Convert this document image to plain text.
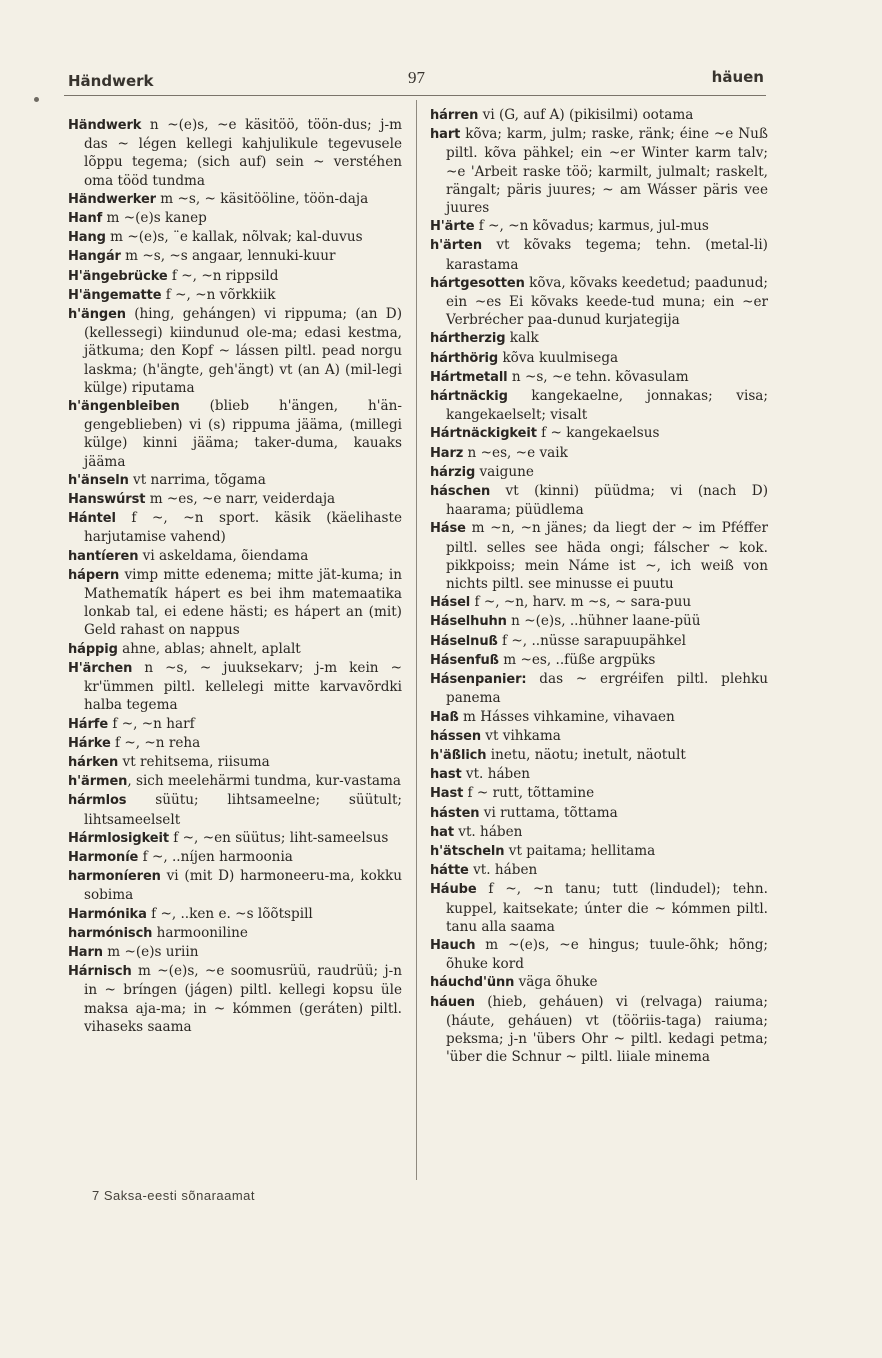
Händwerk	97	häuen

Händwerk n ~(e)s, ~e käsitöö, töön-dus; j-m das ~ légen kellegi kahjulikule tegevusele lõppu tegema; (sich auf) sein ~ verstéhen oma tööd tundma

Händwerker m ~s, ~ käsitööline, töön-daja

Hanf m ~(e)s kanep

Hang m ~(e)s, ¨e kallak, nõlvak; kal-duvus

Hangár m ~s, ~s angaar, lennuki-kuur

H'ängebrücke f ~, ~n rippsild

H'ängematte f ~, ~n võrkkiik

h'ängen (hing, gehángen) vi rippuma; (an D) (kellessegi) kiindunud ole-ma; edasi kestma, jätkuma; den Kopf ~ lássen piltl. pead norgu laskma; (h'ängte, geh'ängt) vt (an A) (mil-legi külge) riputama

h'ängenbleiben (blieb h'ängen, h'än-gengeblieben) vi (s) rippuma jääma, (millegi külge) kinni jääma; taker-duma, kauaks jääma

h'änseln vt narrima, tõgama

Hanswúrst m ~es, ~e narr, veiderdaja

Hántel f ~, ~n sport. käsik (käelihaste harjutamise vahend)

hantíeren vi askeldama, õiendama

hápern vimp mitte edenema; mitte jät-kuma; in Mathematík hápert es bei ihm matemaatika lonkab tal, ei edene hästi; es hápert an (mit) Geld rahast on nappus

háppig ahne, ablas; ahnelt, aplalt

H'ärchen n ~s, ~ juuksekarv; j-m kein ~ kr'ümmen piltl. kellelegi mitte karvavõrdki halba tegema

Hárfe f ~, ~n harf

Hárke f ~, ~n reha

hárken vt rehitsema, riisuma

h'ärmen, sich meelehärmi tundma, kur-vastama

hármlos süütu; lihtsameelne; süütult; lihtsameelselt

Hármlosigkeit f ~, ~en süütus; liht-sameelsus

Harmoníe f ~, ..níjen harmoonia

harmoníeren vi (mit D) harmoneeru-ma, kokku sobima

Harmónika f ~, ..ken e. ~s lõõtspill

harmónisch harmooniline

Harn m ~(e)s uriin

Hárnisch m ~(e)s, ~e soomusrüü, raudrüü; j-n in ~ bríngen (jágen) piltl. kellegi kopsu üle maksa aja-ma; in ~ kómmen (geráten) piltl. vihaseks saama

hárren vi (G, auf A) (pikisilmi) ootama

hart kõva; karm, julm; raske, ränk; éine ~e Nuß piltl. kõva pähkel; ein ~er Winter karm talv; ~e 'Arbeit raske töö; karmilt, julmalt; raskelt, rängalt; päris juures; ~ am Wásser päris vee juures

H'ärte f ~, ~n kõvadus; karmus, jul-mus

h'ärten vt kõvaks tegema; tehn. (metal-li) karastama

hártgesotten kõva, kõvaks keedetud; paadunud; ein ~es Ei kõvaks keede-tud muna; ein ~er Verbrécher paa-dunud kurjategija

hártherzig kalk

hárthörig kõva kuulmisega

Hártmetall n ~s, ~e tehn. kõvasulam

hártnäckig kangekaelne, jonnakas; visa; kangekaelselt; visalt

Hártnäckigkeit f ~ kangekaelsus

Harz n ~es, ~e vaik

hárzig vaigune

háschen vt (kinni) püüdma; vi (nach D) haarama; püüdlema

Háse m ~n, ~n jänes; da liegt der ~ im Pféffer piltl. selles see häda ongi; fálscher ~ kok. pikkpoiss; mein Náme ist ~, ich weiß von nichts piltl. see minusse ei puutu

Hásel f ~, ~n, harv. m ~s, ~ sara-puu

Háselhuhn n ~(e)s, ..hühner laane-püü

Háselnuß f ~, ..nüsse sarapuupähkel

Hásenfuß m ~es, ..füße argpüks

Hásenpanier: das ~ ergréifen piltl. plehku panema

Haß m Hásses vihkamine, vihavaen

hássen vt vihkama

h'äßlich inetu, näotu; inetult, näotult

hast vt. háben

Hast f ~ rutt, tõttamine

hásten vi ruttama, tõttama

hat vt. háben

h'ätscheln vt paitama; hellitama

hátte vt. háben

Háube f ~, ~n tanu; tutt (lindudel); tehn. kuppel, kaitsekate; únter die ~ kómmen piltl. tanu alla saama

Hauch m ~(e)s, ~e hingus; tuule-õhk; hõng; õhuke kord

háuchd'ünn väga õhuke

háuen (hieb, geháuen) vi (relvaga) raiuma; (háute, geháuen) vt (tööriis-taga) raiuma; peksma; j-n 'übers Ohr ~ piltl. kedagi petma; 'über die Schnur ~ piltl. liiale minema

7 Saksa-eesti sõnaraamat
